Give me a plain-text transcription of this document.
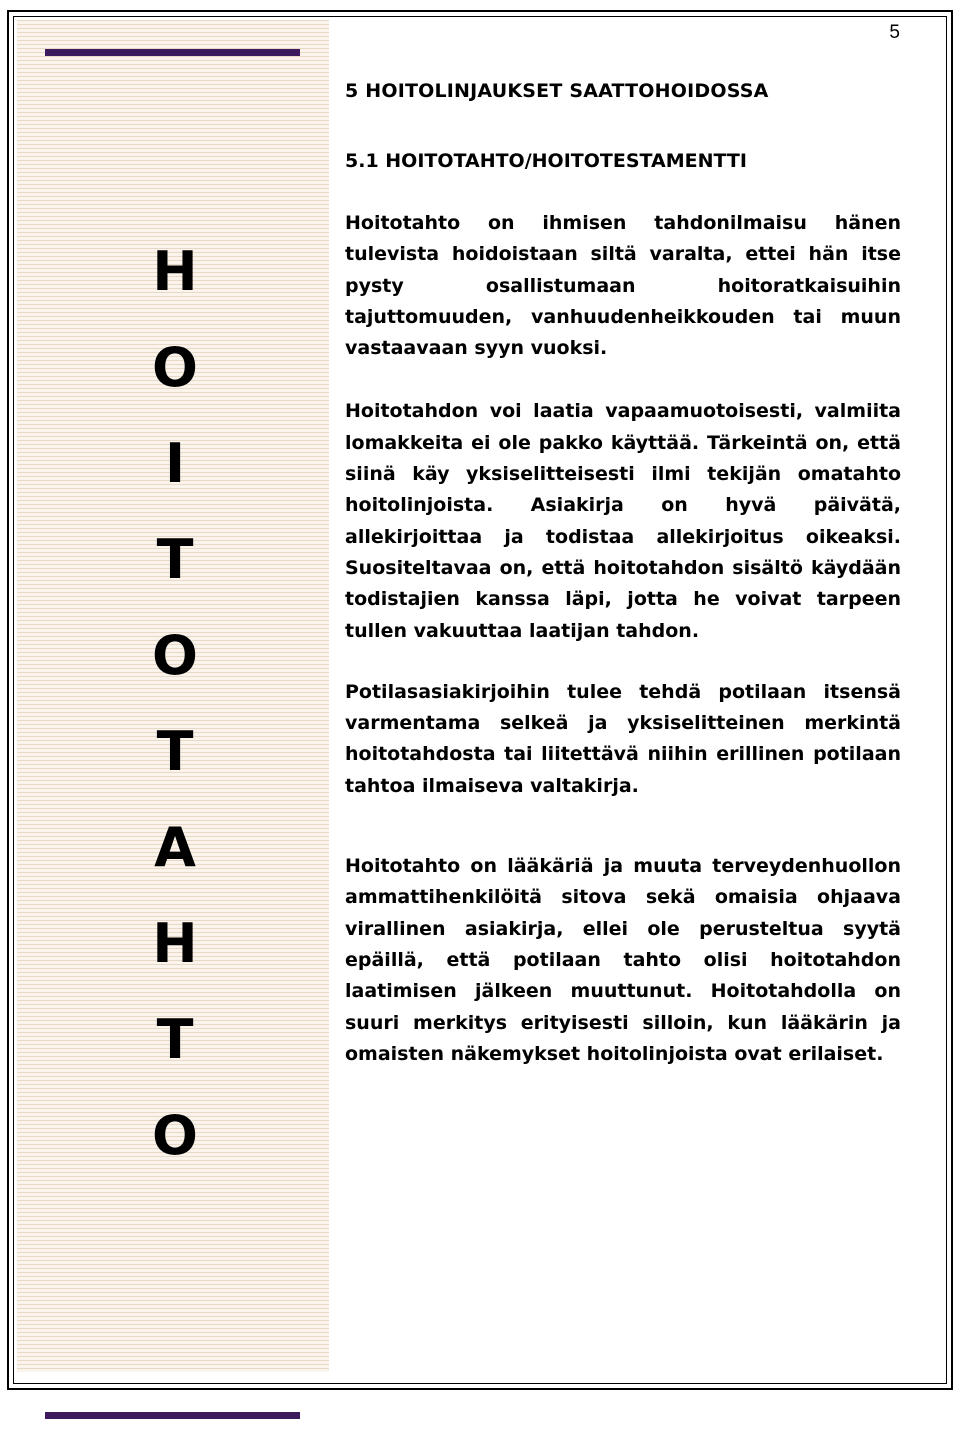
5
H
O
I
T
O
T
A
H
T
O
5 HOITOLINJAUKSET SAATTOHOIDOSSA
5.1 HOITOTAHTO/HOITOTESTAMENTTI

Hoitotahto on ihmisen tahdonilmaisu hänen tulevista hoidoistaan siltä varalta, ettei hän itse pysty osallistumaan hoitoratkaisuihin tajuttomuuden, vanhuudenheikkouden tai muun vastaavaan syyn vuoksi.

Hoitotahdon voi laatia vapaamuotoisesti, valmiita lomakkeita ei ole pakko käyttää. Tärkeintä on, että siinä käy yksiselitteisesti ilmi tekijän omatahto hoitolinjoista. Asiakirja on hyvä päivätä, allekirjoittaa ja todistaa allekirjoitus oikeaksi. Suositeltavaa on, että hoitotahdon sisältö käydään todistajien kanssa läpi, jotta he voivat tarpeen tullen vakuuttaa laatijan tahdon.

Potilasasiakirjoihin tulee tehdä potilaan itsensä varmentama selkeä ja yksiselitteinen merkintä hoitotahdosta tai liitettävä niihin erillinen potilaan tahtoa ilmaiseva valtakirja.

Hoitotahto on lääkäriä ja muuta terveydenhuollon ammattihenkilöitä sitova sekä omaisia ohjaava virallinen asiakirja, ellei ole perusteltua syytä epäillä, että potilaan tahto olisi hoitotahdon laatimisen jälkeen muuttunut. Hoitotahdolla on suuri merkitys erityisesti silloin, kun lääkärin ja omaisten näkemykset hoitolinjoista ovat erilaiset.
